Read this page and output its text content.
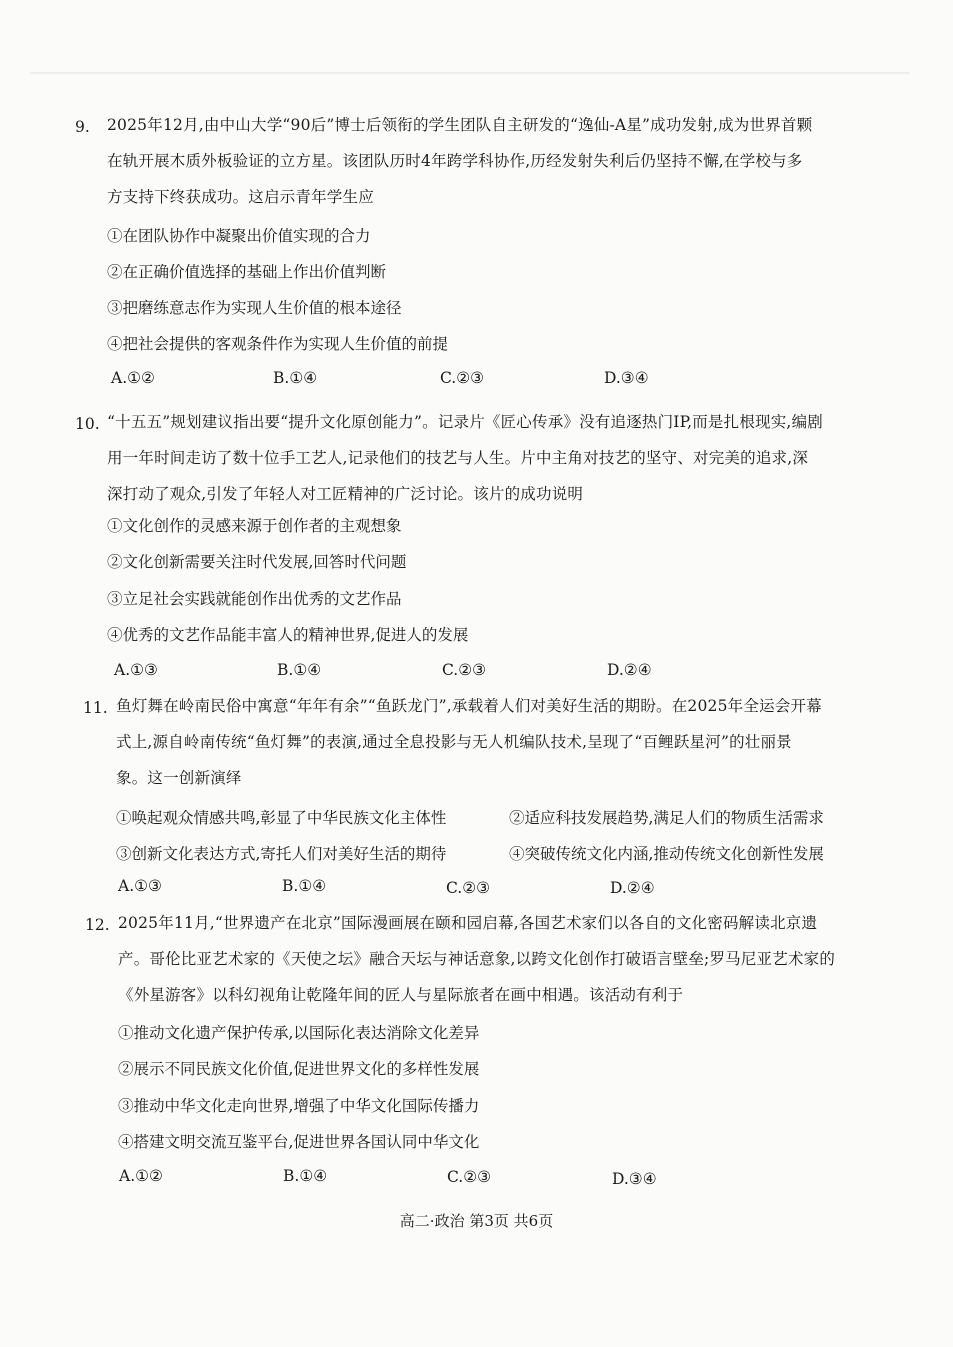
9. 2025年12月,由中山大学“90后”博士后领衔的学生团队自主研发的“逸仙-A星”成功发射,成为世界首颗
在轨开展木质外板验证的立方星。该团队历时4年跨学科协作,历经发射失利后仍坚持不懈,在学校与多
方支持下终获成功。这启示青年学生应
①在团队协作中凝聚出价值实现的合力
②在正确价值选择的基础上作出价值判断
③把磨练意志作为实现人生价值的根本途径
④把社会提供的客观条件作为实现人生价值的前提
A.①②	B.①④	C.②③	D.③④
10. “十五五”规划建议指出要“提升文化原创能力”。记录片《匠心传承》没有追逐热门IP,而是扎根现实,编剧
用一年时间走访了数十位手工艺人,记录他们的技艺与人生。片中主角对技艺的坚守、对完美的追求,深
深打动了观众,引发了年轻人对工匠精神的广泛讨论。该片的成功说明
①文化创作的灵感来源于创作者的主观想象
②文化创新需要关注时代发展,回答时代问题
③立足社会实践就能创作出优秀的文艺作品
④优秀的文艺作品能丰富人的精神世界,促进人的发展
A.①③	B.①④	C.②③	D.②④
11. 鱼灯舞在岭南民俗中寓意“年年有余”“鱼跃龙门”,承载着人们对美好生活的期盼。在2025年全运会开幕
式上,源自岭南传统“鱼灯舞”的表演,通过全息投影与无人机编队技术,呈现了“百鲤跃星河”的壮丽景
象。这一创新演绎
①唤起观众情感共鸣,彰显了中华民族文化主体性	②适应科技发展趋势,满足人们的物质生活需求
③创新文化表达方式,寄托人们对美好生活的期待	④突破传统文化内涵,推动传统文化创新性发展
A.①③	B.①④	C.②③	D.②④
12. 2025年11月,“世界遗产在北京”国际漫画展在颐和园启幕,各国艺术家们以各自的文化密码解读北京遗
产。哥伦比亚艺术家的《天使之坛》融合天坛与神话意象,以跨文化创作打破语言壁垒;罗马尼亚艺术家的
《外星游客》以科幻视角让乾隆年间的匠人与星际旅者在画中相遇。该活动有利于
①推动文化遗产保护传承,以国际化表达消除文化差异
②展示不同民族文化价值,促进世界文化的多样性发展
③推动中华文化走向世界,增强了中华文化国际传播力
④搭建文明交流互鉴平台,促进世界各国认同中华文化
A.①②	B.①④	C.②③	D.③④
高二·政治 第3页 共6页
